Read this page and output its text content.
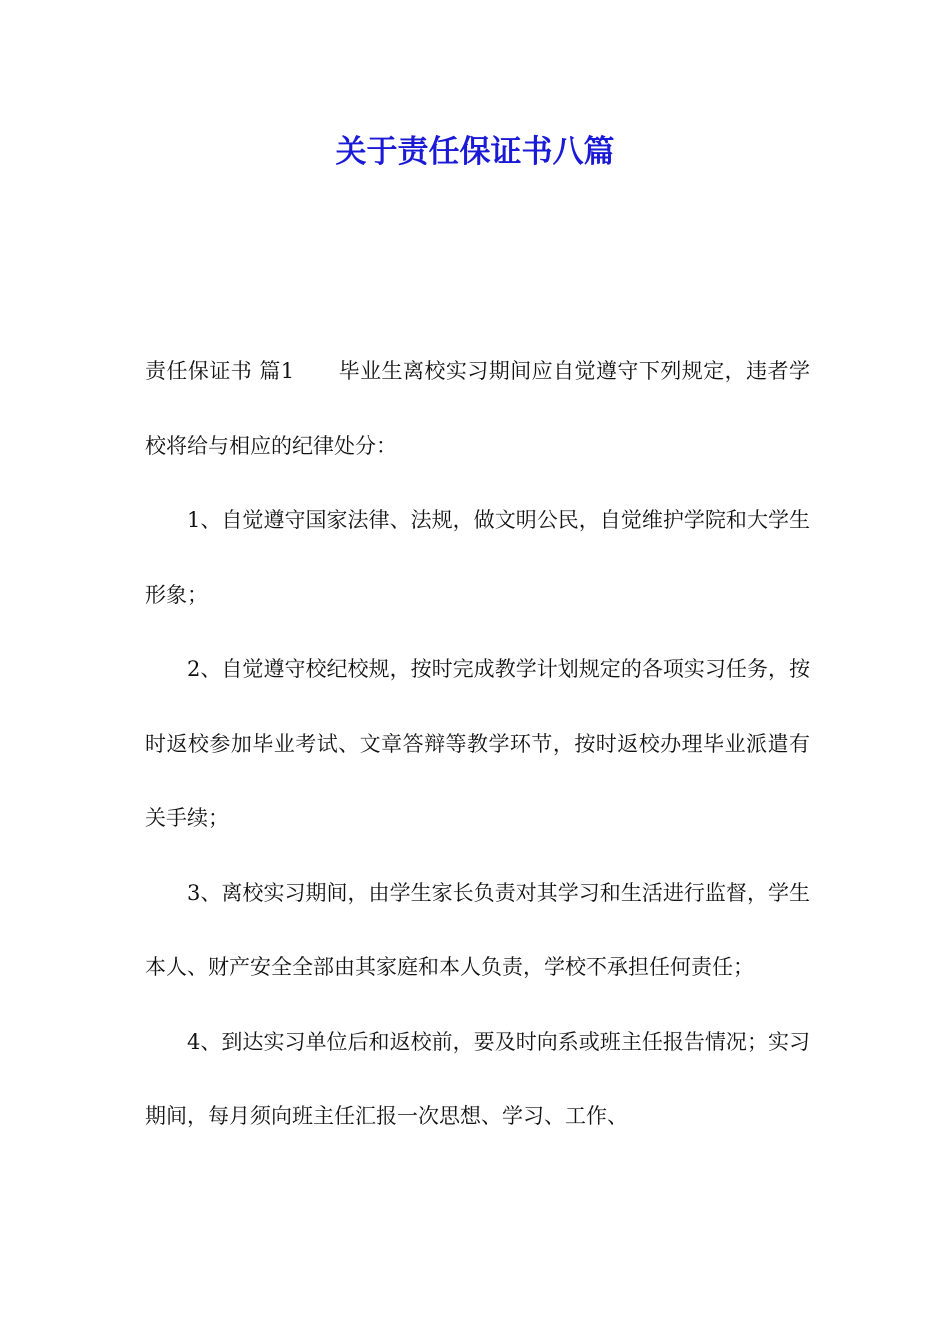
关于责任保证书八篇

责任保证书 篇1 毕业生离校实习期间应自觉遵守下列规定，违者学校将给与相应的纪律处分：

1、自觉遵守国家法律、法规，做文明公民，自觉维护学院和大学生形象；

2、自觉遵守校纪校规，按时完成教学计划规定的各项实习任务，按时返校参加毕业考试、文章答辩等教学环节，按时返校办理毕业派遣有关手续；

3、离校实习期间，由学生家长负责对其学习和生活进行监督，学生本人、财产安全全部由其家庭和本人负责，学校不承担任何责任；

4、到达实习单位后和返校前，要及时向系或班主任报告情况；实习期间，每月须向班主任汇报一次思想、学习、工作、
